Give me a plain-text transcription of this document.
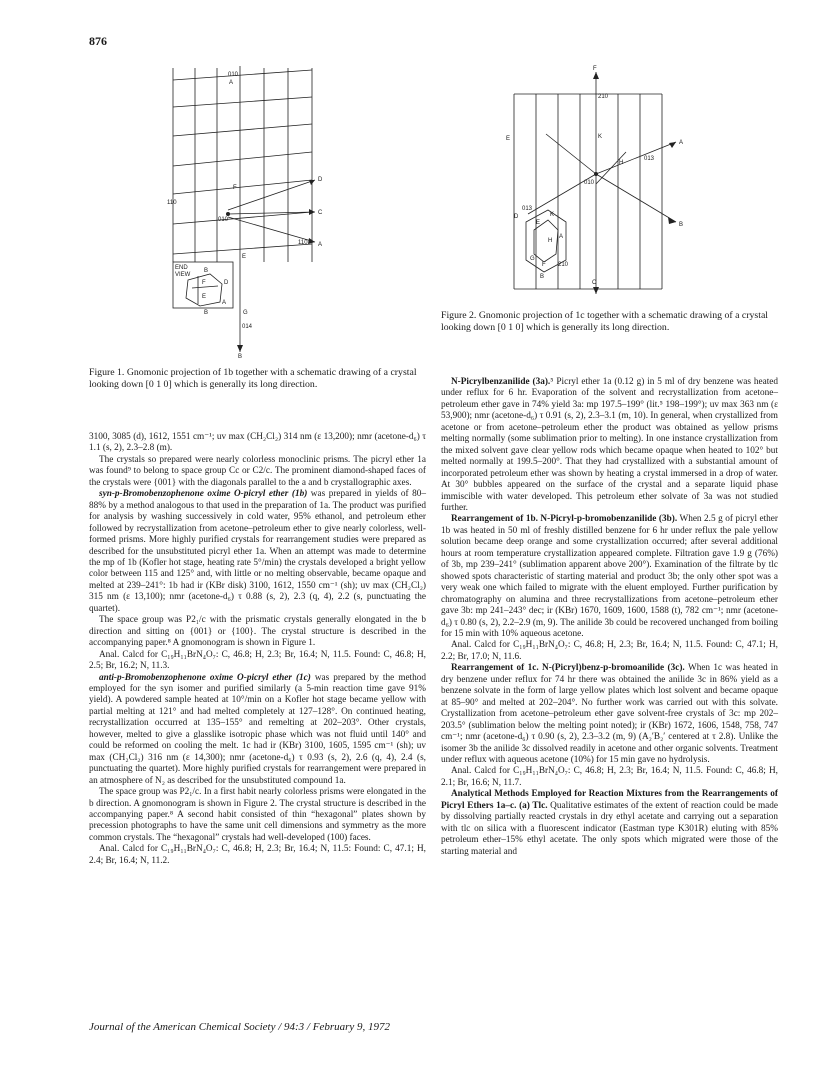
876
010
A
D
F
110
010
C
110 A
E
END
VIEW
B
D
F
E
A
B	G
014
B
Figure 1. Gnomonic projection of 1b together with a schematic drawing of a crystal looking down [0 1 0] which is generally its long direction.
F
210
K
E
A
H
013
010
D
013
B
E
K
H
A
G
F 210
C
B
Figure 2. Gnomonic projection of 1c together with a schematic drawing of a crystal looking down [0 1 0] which is generally its long direction.

3100, 3085 (d), 1612, 1551 cm⁻¹; uv max (CH₂Cl₂) 314 nm (ε 13,200); nmr (acetone-d₆) τ 1.1 (s, 2), 2.3–2.8 (m).

The crystals so prepared were nearly colorless monoclinic prisms. The picryl ether 1a was found⁹ to belong to space group Cc or C2/c. The prominent diamond-shaped faces of the crystals were {001} with the diagonals parallel to the a and b crystallographic axes.

syn-p-Bromobenzophenone oxime O-picryl ether (1b) was prepared in yields of 80–88% by a method analogous to that used in the preparation of 1a. The product was purified for analysis by washing successively in cold water, 95% ethanol, and petroleum ether followed by recrystallization from acetone–petroleum ether to give nearly colorless, well-formed prisms. More highly purified crystals for rearrangement studies were prepared as described for the unsubstituted picryl ether 1a. When an attempt was made to determine the mp of 1b (Kofler hot stage, heating rate 5°/min) the crystals developed a bright yellow color between 115 and 125° and, with little or no melting observable, became opaque and melted at 239–241°: 1b had ir (KBr disk) 3100, 1612, 1550 cm⁻¹ (sh); uv max (CH₂Cl₂) 315 nm (ε 13,100); nmr (acetone-d₆) τ 0.88 (s, 2), 2.3 (q, 4), 2.2 (s, punctuating the quartet).

The space group was P2₁/c with the prismatic crystals generally elongated in the b direction and sitting on {001} or {100}. The crystal structure is described in the accompanying paper.⁸ A gnomonogram is shown in Figure 1.

Anal. Calcd for C₁₉H₁₁BrN₄O₇: C, 46.8; H, 2.3; Br, 16.4; N, 11.5. Found: C, 46.8; H, 2.5; Br, 16.2; N, 11.3.

anti-p-Bromobenzophenone oxime O-picryl ether (1c) was prepared by the method employed for the syn isomer and purified similarly (a 5-min reaction time gave 91% yield). A powdered sample heated at 10°/min on a Kofler hot stage became yellow with partial melting at 121° and had melted completely at 127–128°. On continued heating, recrystallization occurred at 135–155° and remelting at 202–203°. Other crystals, however, melted to give a glasslike isotropic phase which was not fluid until 140° and could be reformed on cooling the melt. 1c had ir (KBr) 3100, 1605, 1595 cm⁻¹ (sh); uv max (CH₂Cl₂) 316 nm (ε 14,300); nmr (acetone-d₆) τ 0.93 (s, 2), 2.6 (q, 4), 2.4 (s, punctuating the quartet). More highly purified crystals for rearrangement were prepared in an atmosphere of N₂ as described for the unsubstituted compound 1a.

The space group was P2₁/c. In a first habit nearly colorless prisms were elongated in the b direction. A gnomonogram is shown in Figure 2. The crystal structure is described in the accompanying paper.⁸ A second habit consisted of thin “hexagonal” plates shown by precession photographs to have the same unit cell dimensions and symmetry as the more common crystals. The “hexagonal” crystals had well-developed (100) faces.

Anal. Calcd for C₁₉H₁₁BrN₄O₇: C, 46.8; H, 2.3; Br, 16.4; N, 11.5: Found: C, 47.1; H, 2.4; Br, 16.4; N, 11.2.

N-Picrylbenzanilide (3a).⁵ Picryl ether 1a (0.12 g) in 5 ml of dry benzene was heated under reflux for 6 hr. Evaporation of the solvent and recrystallization from acetone–petroleum ether gave in 74% yield 3a: mp 197.5–199° (lit.⁵ 198–199°); uv max 363 nm (ε 53,900); nmr (acetone-d₆) τ 0.91 (s, 2), 2.3–3.1 (m, 10). In general, when crystallized from acetone or from acetone–petroleum ether the product was obtained as yellow prisms melting normally (some sublimation prior to melting). In one instance crystallization from the mixed solvent gave clear yellow rods which became opaque when heated to 102° but melted normally at 199.5–200°. That they had crystallized with a substantial amount of incorporated petroleum ether was shown by heating a crystal immersed in a drop of water. At 30° bubbles appeared on the surface of the crystal and a separate liquid phase immiscible with water developed. This petroleum ether solvate of 3a was not studied further.

Rearrangement of 1b. N-Picryl-p-bromobenzanilide (3b). When 2.5 g of picryl ether 1b was heated in 50 ml of freshly distilled benzene for 6 hr under reflux the pale yellow solution became deep orange and some crystallization occurred; after several additional hours at room temperature crystallization appeared complete. Filtration gave 1.9 g (76%) of 3b, mp 239–241° (sublimation apparent above 200°). Examination of the filtrate by tlc showed spots characteristic of starting material and product 3b; the only other spot was a very weak one which failed to migrate with the eluent employed. Further purification by chromatography on alumina and three recrystallizations from acetone–petroleum ether gave 3b: mp 241–243° dec; ir (KBr) 1670, 1609, 1600, 1588 (t), 782 cm⁻¹; nmr (acetone-d₆) τ 0.80 (s, 2), 2.2–2.9 (m, 9). The anilide 3b could be recovered unchanged from boiling for 15 min with 10% aqueous acetone.

Anal. Calcd for C₁₉H₁₁BrN₄O₇: C, 46.8; H, 2.3; Br, 16.4; N, 11.5. Found: C, 47.1; H, 2.2; Br, 17.0; N, 11.6.

Rearrangement of 1c. N-(Picryl)benz-p-bromoanilide (3c). When 1c was heated in dry benzene under reflux for 74 hr there was obtained the anilide 3c in 86% yield as a benzene solvate in the form of large yellow plates which lost solvent and became opaque at 85–90° and melted at 202–204°. No further work was carried out with this solvate. Crystallization from acetone–petroleum ether gave solvent-free crystals of 3c: mp 202–203.5° (sublimation below the melting point noted); ir (KBr) 1672, 1606, 1548, 758, 747 cm⁻¹; nmr (acetone-d₆) τ 0.90 (s, 2), 2.3–3.2 (m, 9) (A₂′B₂′ centered at τ 2.8). Unlike the isomer 3b the anilide 3c dissolved readily in acetone and other organic solvents. Treatment under reflux with aqueous acetone (10%) for 15 min gave no hydrolysis.

Anal. Calcd for C₁₉H₁₁BrN₄O₇: C, 46.8; H, 2.3; Br, 16.4; N, 11.5. Found: C, 46.8; H, 2.1; Br, 16.6; N, 11.7.

Analytical Methods Employed for Reaction Mixtures from the Rearrangements of Picryl Ethers 1a–c. (a) Tlc. Qualitative estimates of the extent of reaction could be made by dissolving partially reacted crystals in dry ethyl acetate and carrying out a separation with tlc on silica with a fluorescent indicator (Eastman type K301R) eluting with 85% petroleum ether–15% ethyl acetate. The only spots which migrated were those of the starting material and

Journal of the American Chemical Society / 94:3 / February 9, 1972
